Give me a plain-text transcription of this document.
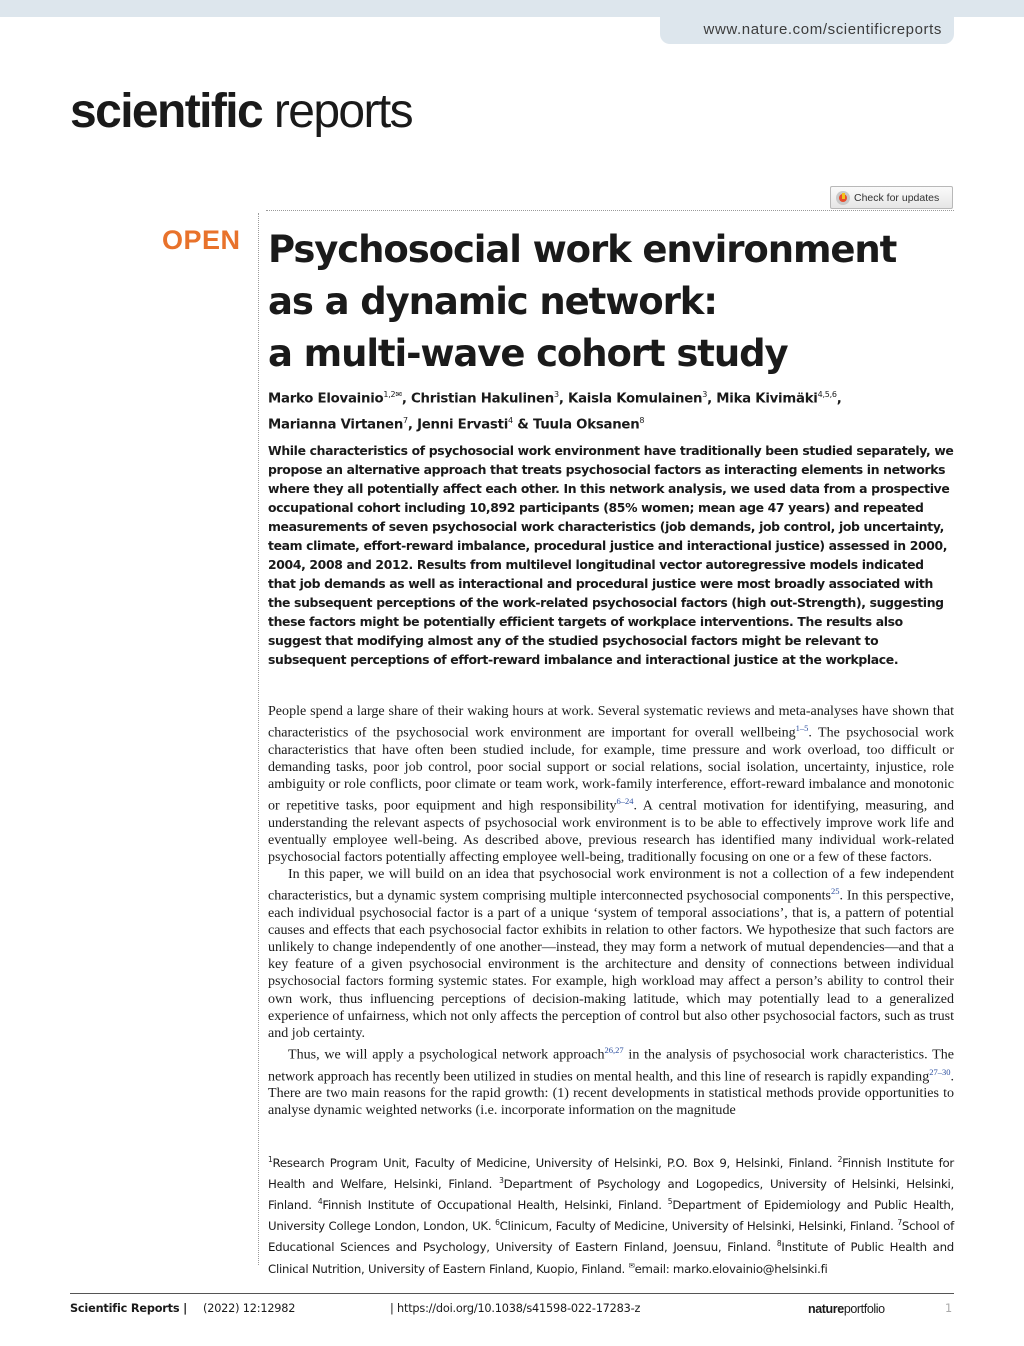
www.nature.com/scientificreports
scientific reports
Check for updates
OPEN Psychosocial work environment
as a dynamic network:
a multi-wave cohort study
Marko Elovainio$^{1,2✉}$, Christian Hakulinen$^3$, Kaisla Komulainen$^3$, Mika Kivimäki$^{4,5,6}$,
Marianna Virtanen$^7$, Jenni Ervasti$^4$ & Tuula Oksanen$^8$
While characteristics of psychosocial work environment have traditionally been studied separately, we propose an alternative approach that treats psychosocial factors as interacting elements in networks where they all potentially affect each other. In this network analysis, we used data from a prospective occupational cohort including 10,892 participants (85% women; mean age 47 years) and repeated measurements of seven psychosocial work characteristics (job demands, job control, job uncertainty, team climate, effort-reward imbalance, procedural justice and interactional justice) assessed in 2000, 2004, 2008 and 2012. Results from multilevel longitudinal vector autoregressive models indicated that job demands as well as interactional and procedural justice were most broadly associated with the subsequent perceptions of the work-related psychosocial factors (high out-Strength), suggesting these factors might be potentially efficient targets of workplace interventions. The results also suggest that modifying almost any of the studied psychosocial factors might be relevant to subsequent perceptions of effort-reward imbalance and interactional justice at the workplace.

People spend a large share of their waking hours at work. Several systematic reviews and meta-analyses have shown that characteristics of the psychosocial work environment are important for overall wellbeing$^{1-5}$. The psychosocial work characteristics that have often been studied include, for example, time pressure and work overload, too difficult or demanding tasks, poor job control, poor social support or social relations, social isolation, uncertainty, injustice, role ambiguity or role conflicts, poor climate or team work, work-family interference, effort-reward imbalance and monotonic or repetitive tasks, poor equipment and high responsibility$^{6-24}$. A central motivation for identifying, measuring, and understanding the relevant aspects of psychosocial work environment is to be able to effectively improve work life and eventually employee well-being. As described above, previous research has identified many individual work-related psychosocial factors potentially affecting employee well-being, traditionally focusing on one or a few of these factors.

In this paper, we will build on an idea that psychosocial work environment is not a collection of a few independent characteristics, but a dynamic system comprising multiple interconnected psychosocial components$^{25}$. In this perspective, each individual psychosocial factor is a part of a unique ‘system of temporal associations’, that is, a pattern of potential causes and effects that each psychosocial factor exhibits in relation to other factors. We hypothesize that such factors are unlikely to change independently of one another—instead, they may form a network of mutual dependencies—and that a key feature of a given psychosocial environment is the architecture and density of connections between individual psychosocial factors forming systemic states. For example, high workload may affect a person’s ability to control their own work, thus influencing perceptions of decision-making latitude, which may potentially lead to a generalized experience of unfairness, which not only affects the perception of control but also other psychosocial factors, such as trust and job certainty.

Thus, we will apply a psychological network approach$^{26,27}$ in the analysis of psychosocial work characteristics. The network approach has recently been utilized in studies on mental health, and this line of research is rapidly expanding$^{27-30}$. There are two main reasons for the rapid growth: (1) recent developments in statistical methods provide opportunities to analyse dynamic weighted networks (i.e. incorporate information on the magnitude

$^1$Research Program Unit, Faculty of Medicine, University of Helsinki, P.O. Box 9, Helsinki, Finland. $^2$Finnish Institute for Health and Welfare, Helsinki, Finland. $^3$Department of Psychology and Logopedics, University of Helsinki, Helsinki, Finland. $^4$Finnish Institute of Occupational Health, Helsinki, Finland. $^5$Department of Epidemiology and Public Health, University College London, London, UK. $^6$Clinicum, Faculty of Medicine, University of Helsinki, Helsinki, Finland. $^7$School of Educational Sciences and Psychology, University of Eastern Finland, Joensuu, Finland. $^8$Institute of Public Health and Clinical Nutrition, University of Eastern Finland, Kuopio, Finland. ✉email: marko.elovainio@helsinki.fi
Scientific Reports | (2022) 12:12982	| https://doi.org/10.1038/s41598-022-17283-z	natureportfolio	1
